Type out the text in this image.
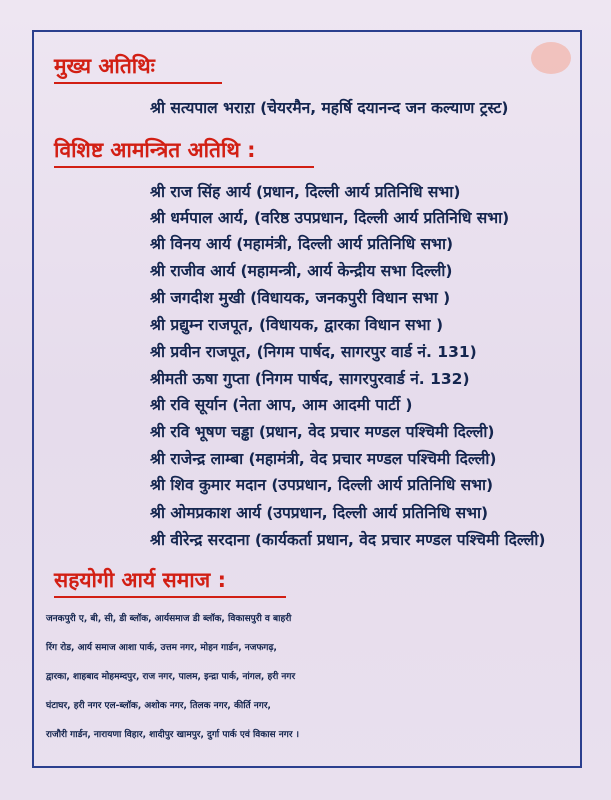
मुख्य अतिथिः

श्री सत्यपाल भराऱा (चेयरमैन, महर्षि दयानन्द जन कल्याण ट्रस्ट)

विशिष्ट आमन्त्रित अतिथि :

श्री राज सिंह आर्य (प्रधान, दिल्ली आर्य प्रतिनिधि सभा)

श्री धर्मपाल आर्य, (वरिष्ठ उपप्रधान, दिल्ली आर्य प्रतिनिधि सभा)

श्री विनय आर्य (महामंत्री, दिल्ली आर्य प्रतिनिधि सभा)

श्री राजीव आर्य (महामन्त्री, आर्य केन्द्रीय सभा दिल्ली)

श्री जगदीश मुखी (विधायक, जनकपुरी विधान सभा )

श्री प्रद्युम्न राजपूत, (विधायक, द्वारका विधान सभा )

श्री प्रवीन राजपूत, (निगम पार्षद, सागरपुर वार्ड नं. 131)

श्रीमती ऊषा गुप्ता (निगम पार्षद, सागरपुरवार्ड नं. 132)

श्री रवि सूर्यान (नेता आप, आम आदमी पार्टी )

श्री रवि भूषण चड्ढा (प्रधान, वेद प्रचार मण्डल पश्चिमी दिल्ली)

श्री राजेन्द्र लाम्बा (महामंत्री, वेद प्रचार मण्डल पश्चिमी दिल्ली)

श्री शिव कुमार मदान (उपप्रधान, दिल्ली आर्य प्रतिनिधि सभा)

श्री ओमप्रकाश आर्य (उपप्रधान, दिल्ली आर्य प्रतिनिधि सभा)

श्री वीरेन्द्र सरदाना (कार्यकर्ता प्रधान, वेद प्रचार मण्डल पश्चिमी दिल्ली)

सहयोगी आर्य समाज :
जनकपुरी ए, बी, सी, डी ब्लॉक, आर्यसमाज डी ब्लॉक, विकासपुरी व बाहरी
रिंग रोड, आर्य समाज आशा पार्क, उत्तम नगर, मोहन गार्डन, नजफगढ़,
द्वारका, शाहबाद मोहमम्दपुर, राज नगर, पालम, इन्द्रा पार्क, नांगल, हरी नगर
घंटाघर, हरी नगर एल-ब्लॉक, अशोक नगर, तिलक नगर, कीर्ति नगर,
राजौरी गार्डन, नारायणा विहार, शादीपुर खामपुर, दुर्गा पार्क एवं विकास नगर ।
